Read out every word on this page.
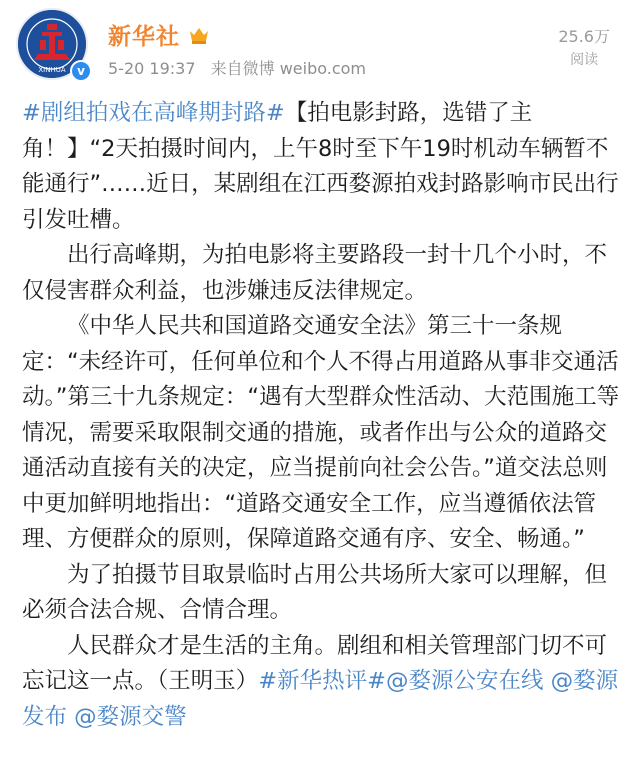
XINHUA v
新华社
5-20 19:37 来自微博 weibo.com
25.6万
阅读

#剧组拍戏在高峰期封路#【拍电影封路，选错了主角！】“2天拍摄时间内，上午8时至下午19时机动车辆暂不能通行”……近日，某剧组在江西婺源拍戏封路影响市民出行引发吐槽。

出行高峰期，为拍电影将主要路段一封十几个小时，不仅侵害群众利益，也涉嫌违反法律规定。

《中华人民共和国道路交通安全法》第三十一条规定：“未经许可，任何单位和个人不得占用道路从事非交通活动。”第三十九条规定：“遇有大型群众性活动、大范围施工等情况，需要采取限制交通的措施，或者作出与公众的道路交通活动直接有关的决定，应当提前向社会公告。”道交法总则中更加鲜明地指出：“道路交通安全工作，应当遵循依法管理、方便群众的原则，保障道路交通有序、安全、畅通。”

为了拍摄节目取景临时占用公共场所大家可以理解，但必须合法合规、合情合理。

人民群众才是生活的主角。剧组和相关管理部门切不可忘记这一点。（王明玉）#新华热评#@婺源公安在线 @婺源发布 @婺源交警
